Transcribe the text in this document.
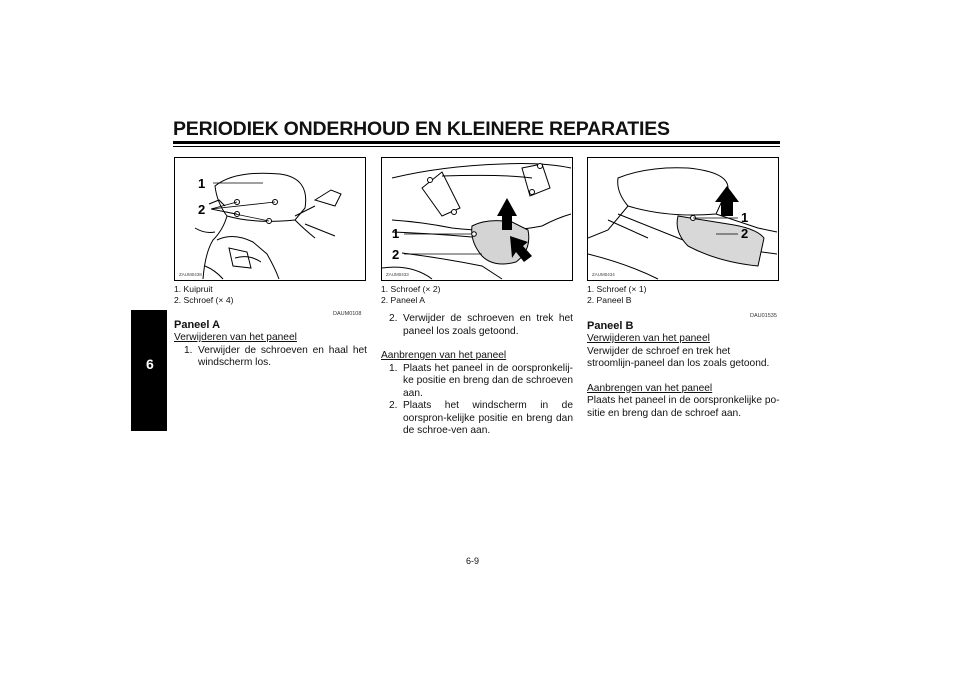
PERIODIEK ONDERHOUD EN KLEINERE REPARATIES
6
1
2
ZAUM0438
1
2
ZAUM0433
1
2
ZAUM0434
1. Kuipruit
2. Schroef (× 4)
DAUM0108
Paneel A
Verwijderen van het paneel
1. Verwijder de schroeven en haal het windscherm los.
1. Schroef (× 2)
2. Paneel A
2. Verwijder de schroeven en trek het paneel los zoals getoond.
Aanbrengen van het paneel
1. Plaats het paneel in de oorspronkelij-ke positie en breng dan de schroeven aan.
2. Plaats het windscherm in de oorspron-kelijke positie en breng dan de schroe-ven aan.
1. Schroef (× 1)
2. Paneel B
DAU01535
Paneel B
Verwijderen van het paneel
Verwijder de schroef en trek het stroomlijn-paneel dan los zoals getoond.
Aanbrengen van het paneel
Plaats het paneel in de oorspronkelijke po-sitie en breng dan de schroef aan.
6-9
